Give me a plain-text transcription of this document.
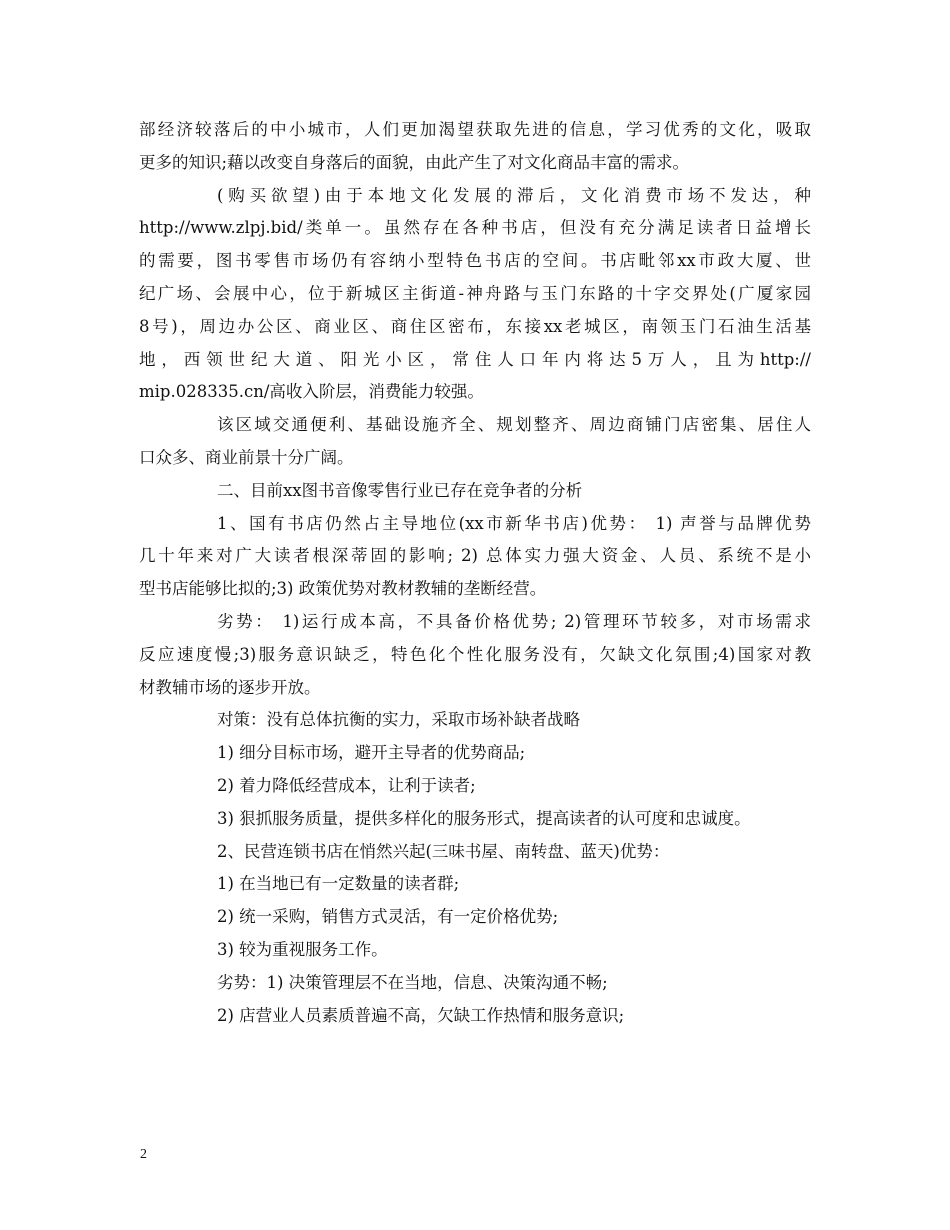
部经济较落后的中小城市，人们更加渴望获取先进的信息，学习优秀的文化，吸取
更多的知识;藉以改变自身落后的面貌，由此产生了对文化商品丰富的需求。
(购买欲望)由于本地文化发展的滞后，文化消费市场不发达，种
http://www.zlpj.bid/类单一。虽然存在各种书店，但没有充分满足读者日益增长
的需要，图书零售市场仍有容纳小型特色书店的空间。书店毗邻xx市政大厦、世
纪广场、会展中心，位于新城区主街道-神舟路与玉门东路的十字交界处(广厦家园
8号)，周边办公区、商业区、商住区密布，东接xx老城区，南领玉门石油生活基
地，西领世纪大道、阳光小区，常住人口年内将达5万人，且为http://
mip.028335.cn/高收入阶层，消费能力较强。
该区域交通便利、基础设施齐全、规划整齐、周边商铺门店密集、居住人
口众多、商业前景十分广阔。
二、目前xx图书音像零售行业已存在竞争者的分析
1、国有书店仍然占主导地位(xx市新华书店)优势： 1) 声誉与品牌优势
几十年来对广大读者根深蒂固的影响; 2) 总体实力强大资金、人员、系统不是小
型书店能够比拟的;3) 政策优势对教材教辅的垄断经营。
劣势： 1)运行成本高，不具备价格优势; 2)管理环节较多，对市场需求
反应速度慢;3)服务意识缺乏，特色化个性化服务没有，欠缺文化氛围;4)国家对教
材教辅市场的逐步开放。
对策：没有总体抗衡的实力，采取市场补缺者战略
1) 细分目标市场，避开主导者的优势商品;
2) 着力降低经营成本，让利于读者;
3) 狠抓服务质量，提供多样化的服务形式，提高读者的认可度和忠诚度。
2、民营连锁书店在悄然兴起(三味书屋、南转盘、蓝天)优势：
1) 在当地已有一定数量的读者群;
2) 统一采购，销售方式灵活，有一定价格优势;
3) 较为重视服务工作。
劣势：1) 决策管理层不在当地，信息、决策沟通不畅;
2) 店营业人员素质普遍不高，欠缺工作热情和服务意识;
2
